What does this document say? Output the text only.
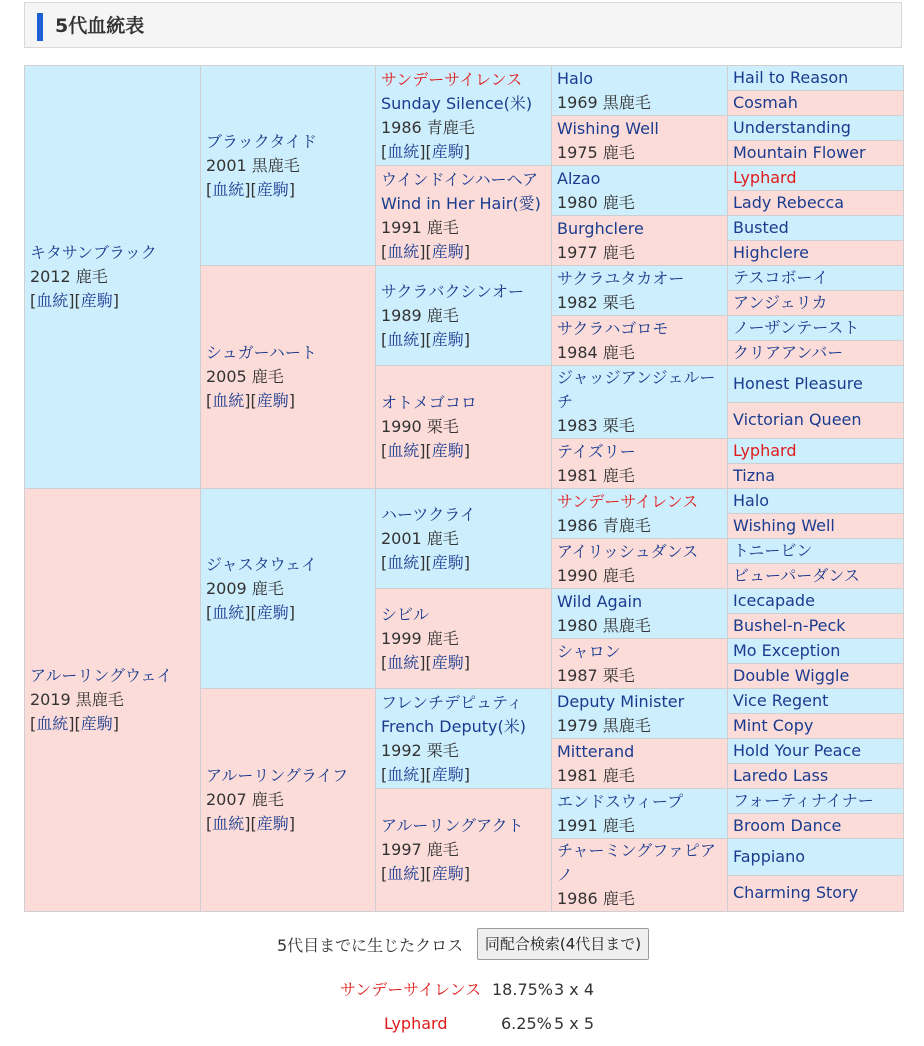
5代血統表
キタサンブラック
2012 鹿毛
[血統][産駒]	ブラックタイド
2001 黒鹿毛
[血統][産駒]	サンデーサイレンス
Sunday Silence(米)
1986 青鹿毛
[血統][産駒]	Halo
1969 黒鹿毛	Hail to Reason
				Cosmah

			Wishing Well
1975 鹿毛	Understanding
				Mountain Flower

		ウインドインハーヘア
Wind in Her Hair(愛)
1991 鹿毛
[血統][産駒]	Alzao
1980 鹿毛	Lyphard
				Lady Rebecca

			Burghclere
1977 鹿毛	Busted
				Highclere

	シュガーハート
2005 鹿毛
[血統][産駒]	サクラバクシンオー
1989 鹿毛
[血統][産駒]	サクラユタカオー
1982 栗毛	テスコボーイ
				アンジェリカ

			サクラハゴロモ
1984 鹿毛	ノーザンテースト
				クリアアンバー

		オトメゴコロ
1990 栗毛
[血統][産駒]	ジャッジアンジェルーチ
1983 栗毛	Honest Pleasure
				Victorian Queen

			テイズリー
1981 鹿毛	Lyphard
				Tizna

アルーリングウェイ
2019 黒鹿毛
[血統][産駒]	ジャスタウェイ
2009 鹿毛
[血統][産駒]	ハーツクライ
2001 鹿毛
[血統][産駒]	サンデーサイレンス
1986 青鹿毛	Halo
				Wishing Well

			アイリッシュダンス
1990 鹿毛	トニービン
				ビューパーダンス

		シビル
1999 鹿毛
[血統][産駒]	Wild Again
1980 黒鹿毛	Icecapade
				Bushel-n-Peck

			シャロン
1987 栗毛	Mo Exception
				Double Wiggle

	アルーリングライフ
2007 鹿毛
[血統][産駒]	フレンチデピュティ
French Deputy(米)
1992 栗毛
[血統][産駒]	Deputy Minister
1979 黒鹿毛	Vice Regent
				Mint Copy

			Mitterand
1981 鹿毛	Hold Your Peace
				Laredo Lass

		アルーリングアクト
1997 鹿毛
[血統][産駒]	エンドスウィープ
1991 鹿毛	フォーティナイナー
				Broom Dance

			チャーミングファピアノ
1986 鹿毛	Fappiano
				Charming Story
5代目までに生じたクロス	同配合検索(4代目まで)
サンデーサイレンス 18.75% 3 x 4
Lyphard	6.25% 5 x 5
